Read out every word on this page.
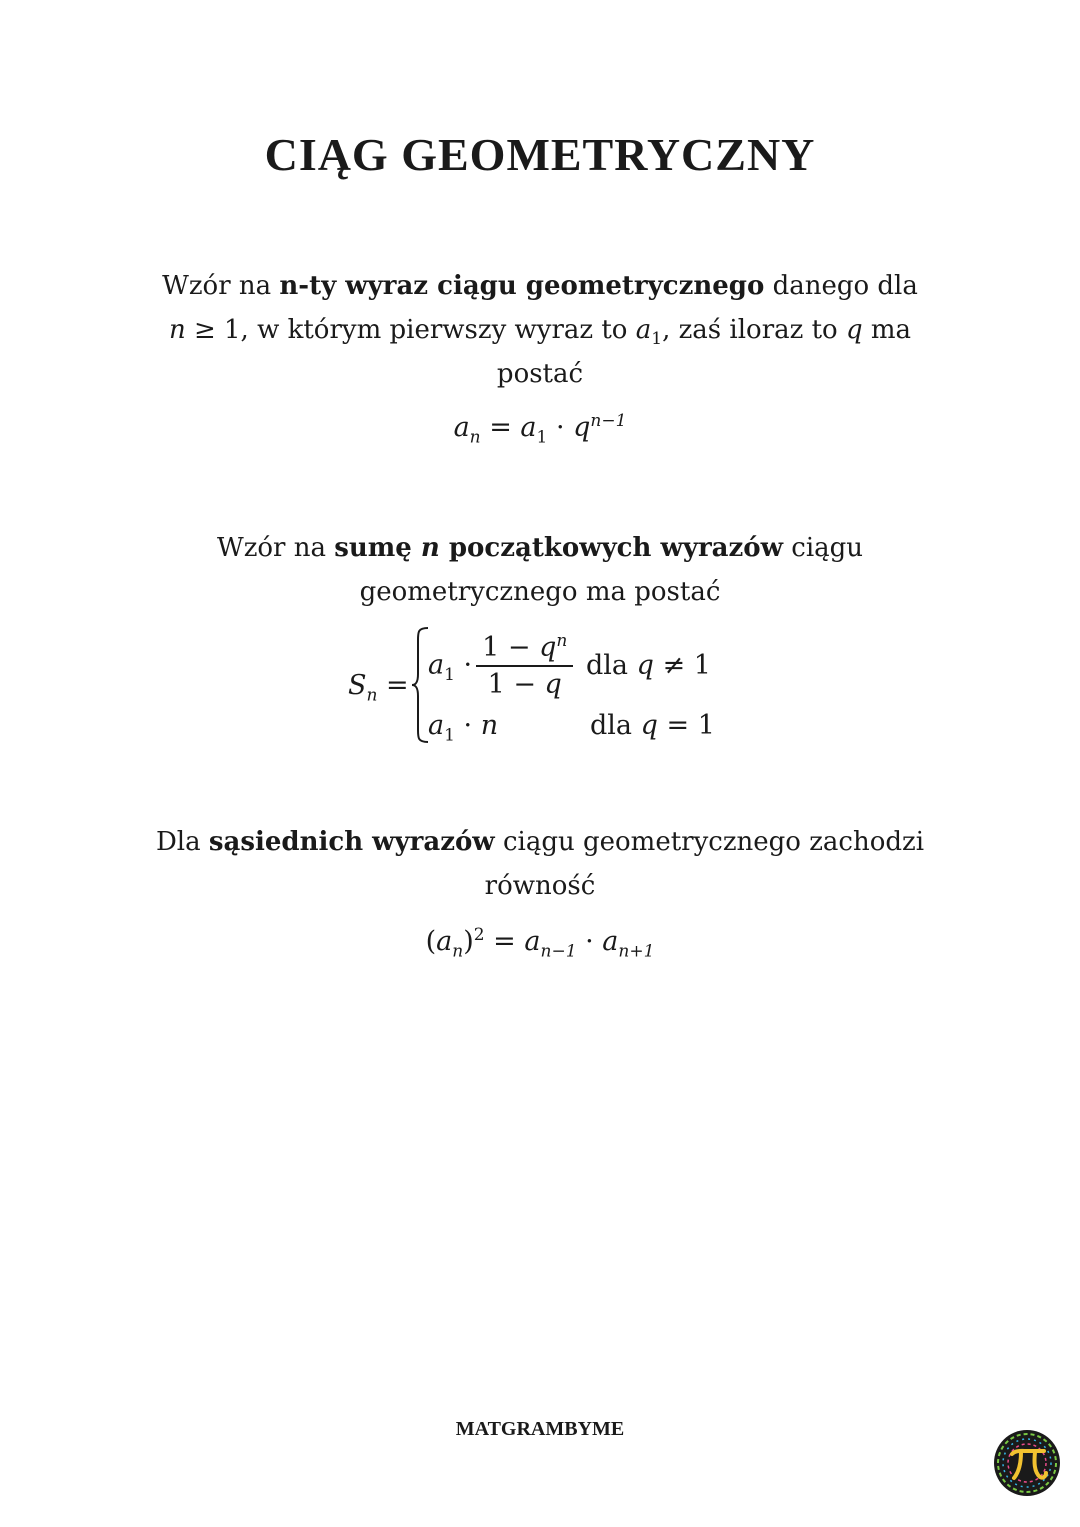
CIĄG GEOMETRYCZNY

Wzór na n-ty wyraz ciągu geometrycznego danego dla
n ≥ 1, w którym pierwszy wyraz to $a_1$, zaś iloraz to q ma
postać

$a_n = a_1 \cdot q^{n-1}$

Wzór na sumę n początkowych wyrazów ciągu
geometrycznego ma postać

$S_n$ =
$a_1 \cdot \frac{1 - q^n}{1 - q}$ dla q ≠ 1
$a_1 \cdot n$	dla q = 1

Dla sąsiednich wyrazów ciągu geometrycznego zachodzi
równość

$(a_n)^2 = a_{n-1} \cdot a_{n+1}$
MATGRAMBYME
